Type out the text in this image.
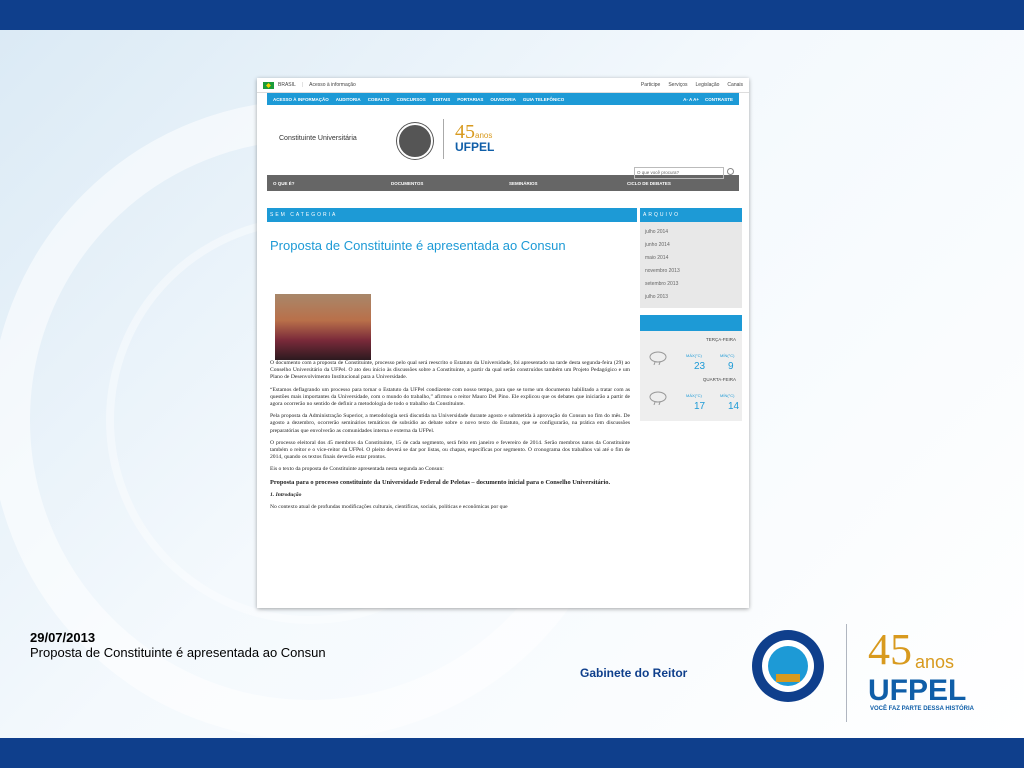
BRASIL | Acesso à informação	Participe Serviços Legislação Canais
ACESSO À INFORMAÇÃO AUDITORIA COBALTO CONCURSOS EDITAIS PORTARIAS OUVIDORIA GUIA TELEFÔNICO	A- A A+ CONTRASTE
Constituinte Universitária	45anos
UFPEL
O que você procura?
O QUE É?	DOCUMENTOS	SEMINÁRIOS	CICLO DE DEBATES
SEM CATEGORIA
Proposta de Constituinte é apresentada ao Consun

O documento com a proposta de Constituinte, processo pelo qual será reescrito o Estatuto da Universidade, foi apresentado na tarde desta segunda-feira (29) ao Conselho Universitário da UFPel. O ato deu início às discussões sobre a Constituinte, a partir da qual serão construídos também um Projeto Pedagógico e um Plano de Desenvolvimento Institucional para a Universidade.

“Estamos deflagrando um processo para tornar o Estatuto da UFPel condizente com nosso tempo, para que se torne um documento habilitado a tratar com as questões mais importantes da Universidade, com o mundo do trabalho,” afirmou o reitor Mauro Del Pino. Ele explicou que os debates que iniciarão a partir de agora ocorrerão no sentido de definir a metodologia de todo o trabalho da Constituinte.

Pela proposta da Administração Superior, a metodologia será discutida na Universidade durante agosto e submetida à aprovação do Consun no fim do mês. De agosto a dezembro, ocorrerão seminários temáticos de subsídio ao debate sobre o novo texto do Estatuto, que se configurarão, na prática em discussões preparatórias que envolverão as comunidades interna e externa da UFPel.

O processo eleitoral dos 45 membros da Constituinte, 15 de cada segmento, será feito em janeiro e fevereiro de 2014. Serão membros natos da Constituinte também o reitor e o vice-reitor da UFPel. O pleito deverá se dar por listas, ou chapas, específicas por segmento. O cronograma dos trabalhos vai até o fim de 2014, quando os textos finais deverão estar prontos.

Eis o texto da proposta de Constituinte apresentada nesta segunda ao Consun:

Proposta para o processo constituinte da Universidade Federal de Pelotas – documento inicial para o Conselho Universitário.

1. Introdução

No contexto atual de profundas modificações culturais, científicas, sociais, políticas e econômicas por que

ARQUIVO
julho 2014
junho 2014
maio 2014
novembro 2013
setembro 2013
julho 2013
TERÇA-FEIRA
MÁX(°C)	MÍN(°C)
23 9
QUARTA-FEIRA
MÁX(°C)	MÍN(°C)
17 14
29/07/2013
Proposta de Constituinte é apresentada ao Consun
Gabinete do Reitor	45 anos
UFPEL
VOCÊ FAZ PARTE DESSA HISTÓRIA
